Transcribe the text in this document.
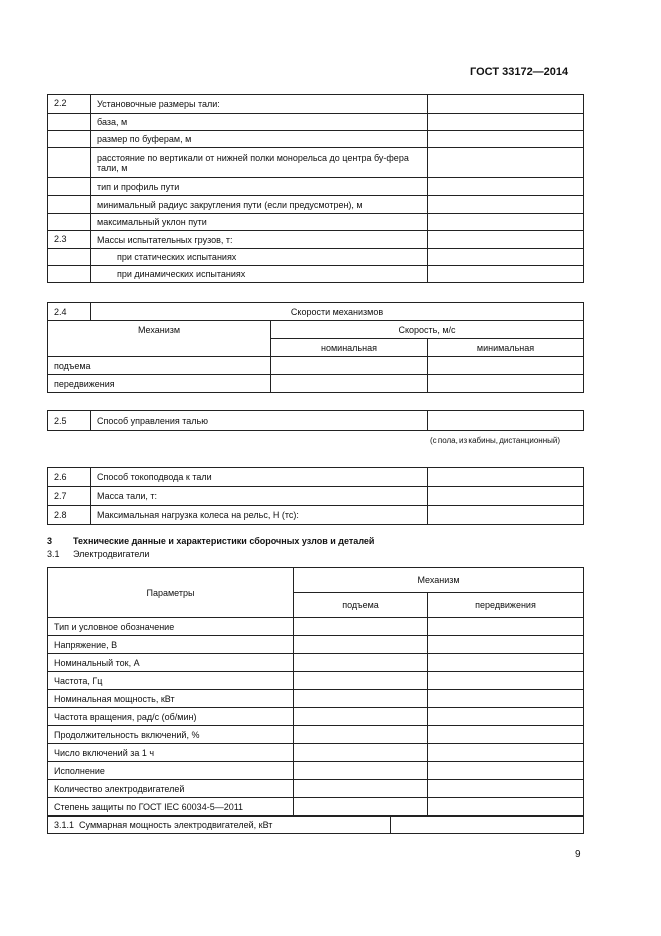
ГОСТ 33172—2014
2.2	Установочные размеры тали:	
	база, м	
	размер по буферам, м	
	расстояние по вертикали от нижней полки монорельса до центра бу-фера тали, м	
	тип и профиль пути	
	минимальный радиус закругления пути (если предусмотрен), м	
	максимальный уклон пути	
2.3	Массы испытательных грузов, т:	
	при статических испытаниях	
	при динамических испытаниях	
2.4	Скорости механизмов		
Механизм		Скорость, м/с	
		номинальная	минимальная
подъема			
передвижения			
2.5	Способ управления талью	
(с пола, из кабины, дистанционный)
2.6	Способ токоподвода к тали	
2.7	Масса тали, т:	
2.8	Максимальная нагрузка колеса на рельс, Н (тс):	
3 Технические данные и характеристики сборочных узлов и деталей
3.1 Электродвигатели
Параметры	Механизм	
	подъема	передвижения
Тип и условное обозначение		
Напряжение, В		
Номинальный ток, А		
Частота, Гц		
Номинальная мощность, кВт		
Частота вращения, рад/с (об/мин)		
Продолжительность включений, %		
Число включений за 1 ч		
Исполнение		
Количество электродвигателей		
Степень защиты по ГОСТ IEC 60034-5—2011		
3.1.1 Суммарная мощность электродвигателей, кВт	
9
